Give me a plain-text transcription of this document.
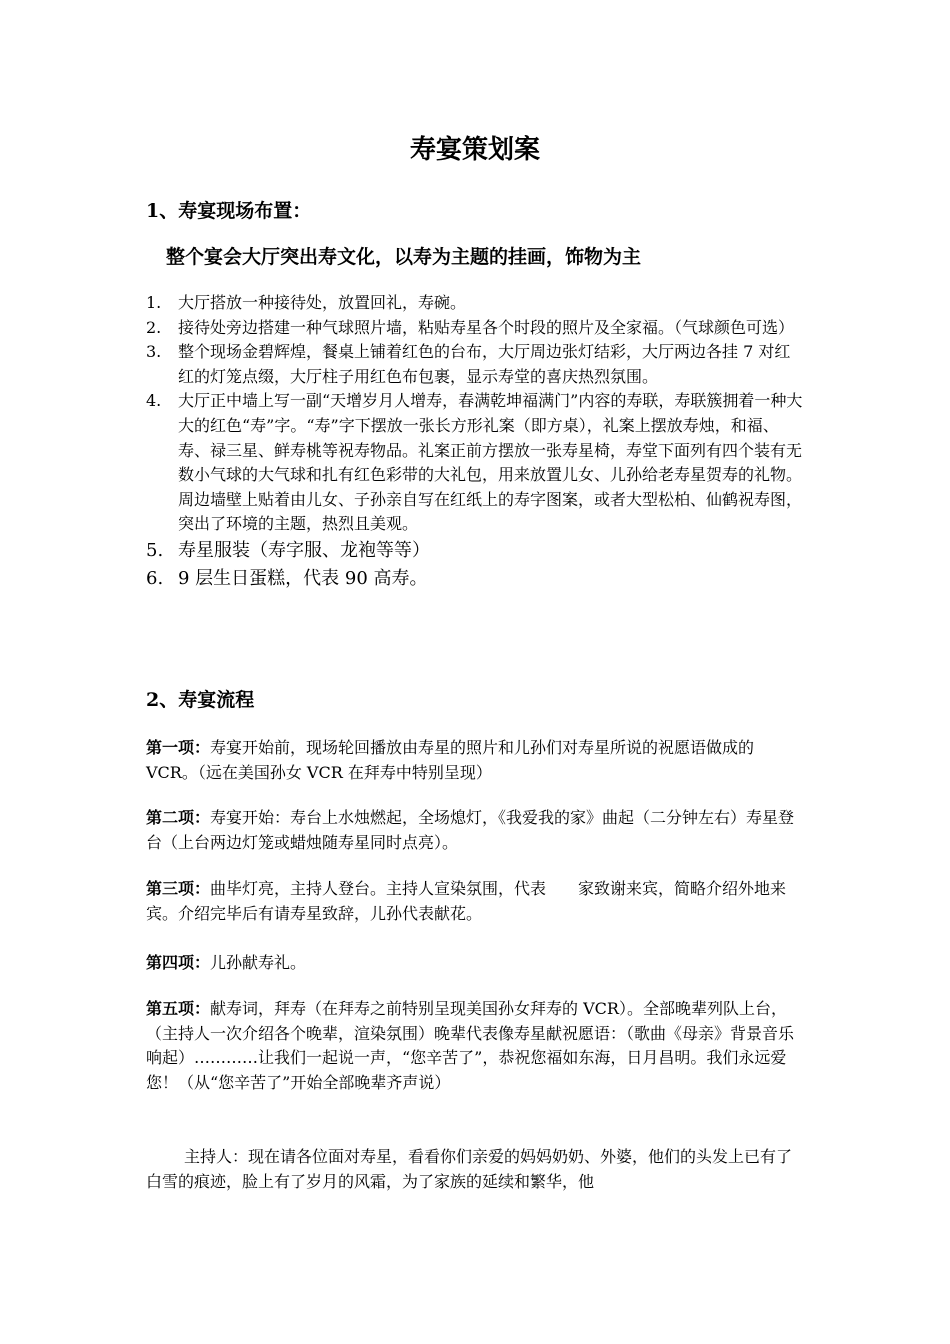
寿宴策划案
1、寿宴现场布置：
整个宴会大厅突出寿文化，以寿为主题的挂画，饰物为主
1. 大厅搭放一种接待处，放置回礼，寿碗。
2. 接待处旁边搭建一种气球照片墙，粘贴寿星各个时段的照片及全家福。（气球颜色可选）
3. 整个现场金碧辉煌，餐桌上铺着红色的台布，大厅周边张灯结彩，大厅两边各挂 7 对红红的灯笼点缀，大厅柱子用红色布包裹，显示寿堂的喜庆热烈氛围。
4. 大厅正中墙上写一副“天增岁月人增寿，春满乾坤福满门”内容的寿联，寿联簇拥着一种大大的红色“寿”字。“寿”字下摆放一张长方形礼案（即方桌），礼案上摆放寿烛，和福、寿、禄三星、鲜寿桃等祝寿物品。礼案正前方摆放一张寿星椅，寿堂下面列有四个装有无数小气球的大气球和扎有红色彩带的大礼包，用来放置儿女、儿孙给老寿星贺寿的礼物。周边墙壁上贴着由儿女、子孙亲自写在红纸上的寿字图案，或者大型松柏、仙鹤祝寿图，突出了环境的主题，热烈且美观。
5. 寿星服装（寿字服、龙袍等等）
6. 9 层生日蛋糕，代表 90 高寿。
2、寿宴流程
第一项：寿宴开始前，现场轮回播放由寿星的照片和儿孙们对寿星所说的祝愿语做成的 VCR。（远在美国孙女 VCR 在拜寿中特别呈现）
第二项：寿宴开始：寿台上水烛燃起，全场熄灯，《我爱我的家》曲起（二分钟左右）寿星登台（上台两边灯笼或蜡烛随寿星同时点亮）。
第三项：曲毕灯亮，主持人登台。主持人宣染氛围，代表　　家致谢来宾，简略介绍外地来宾。介绍完毕后有请寿星致辞，儿孙代表献花。
第四项：儿孙献寿礼。
第五项：献寿词，拜寿（在拜寿之前特别呈现美国孙女拜寿的 VCR）。全部晚辈列队上台，（主持人一次介绍各个晚辈，渲染氛围）晚辈代表像寿星献祝愿语：（歌曲《母亲》背景音乐响起）…………让我们一起说一声，“您辛苦了”，恭祝您福如东海，日月昌明。我们永远爱您！（从“您辛苦了”开始全部晚辈齐声说）
主持人：现在请各位面对寿星，看看你们亲爱的妈妈奶奶、外婆，他们的头发上已有了白雪的痕迹，脸上有了岁月的风霜，为了家族的延续和繁华，他
